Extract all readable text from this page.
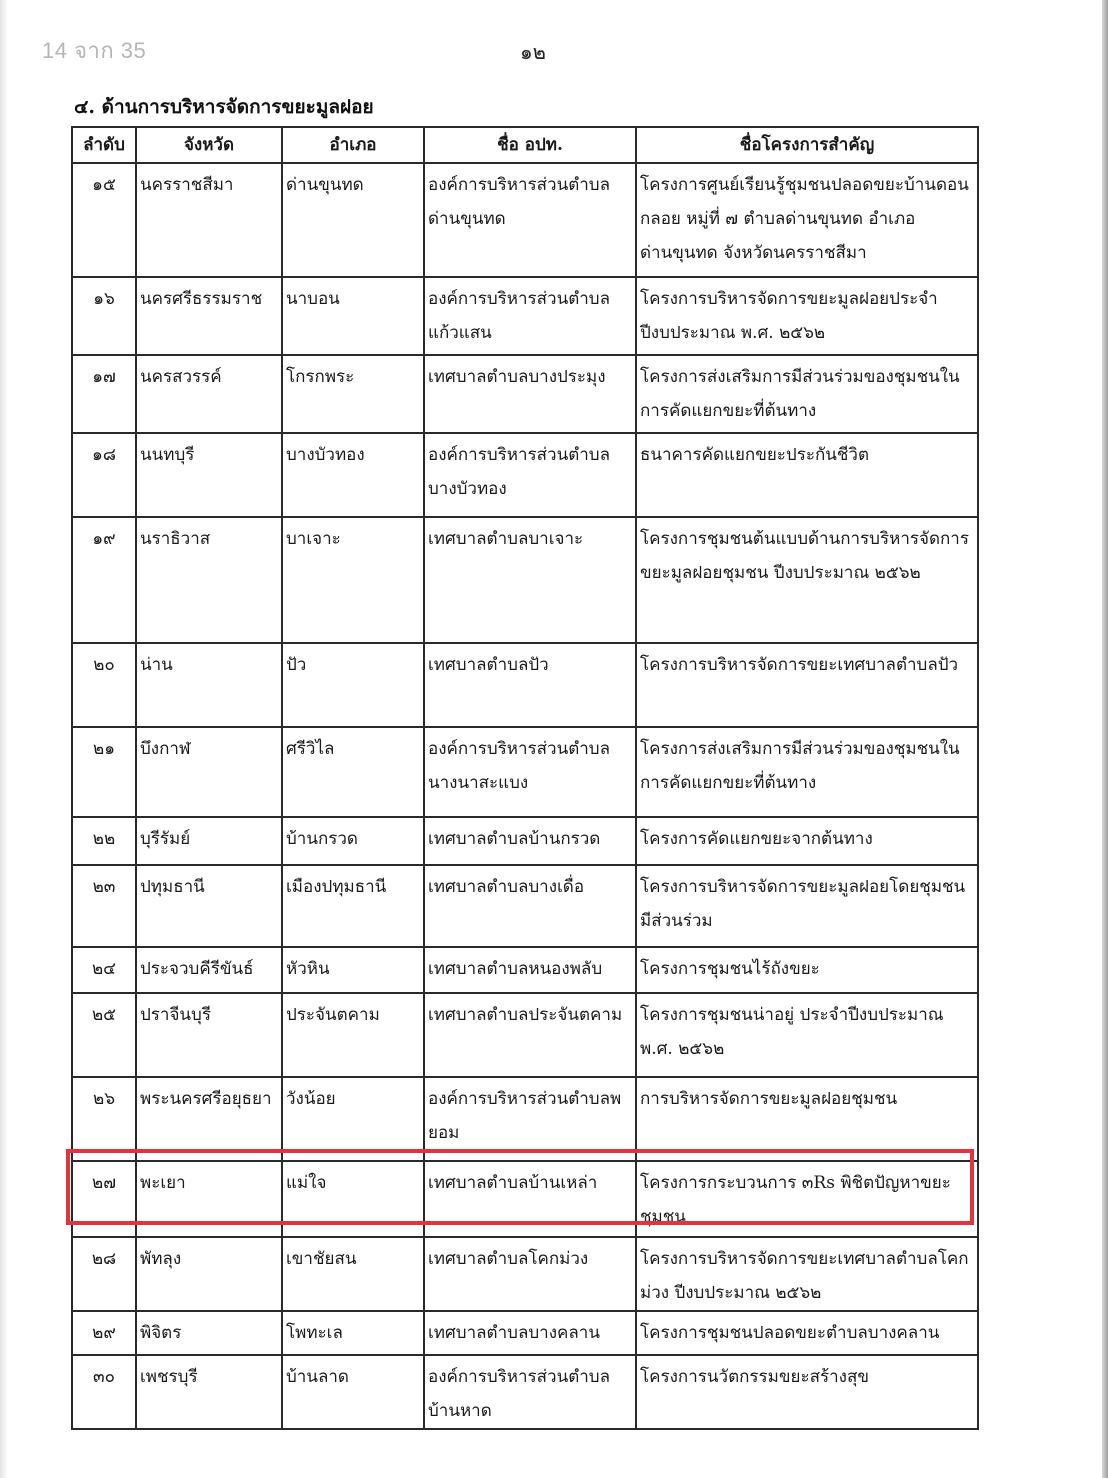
14 จาก 35	๑๒
๔. ด้านการบริหารจัดการขยะมูลฝอย
ลำดับ	จังหวัด	อำเภอ	ชื่อ อปท.	ชื่อโครงการสำคัญ
๑๕	นครราชสีมา	ด่านขุนทด	องค์การบริหารส่วนตำบลด่านขุนทด	โครงการศูนย์เรียนรู้ชุมชนปลอดขยะบ้านดอนกลอย หมู่ที่ ๗ ตำบลด่านขุนทด อำเภอด่านขุนทด จังหวัดนครราชสีมา
๑๖	นครศรีธรรมราช	นาบอน	องค์การบริหารส่วนตำบลแก้วแสน	โครงการบริหารจัดการขยะมูลฝอยประจำปีงบประมาณ พ.ศ. ๒๕๖๒
๑๗	นครสวรรค์	โกรกพระ	เทศบาลตำบลบางประมุง	โครงการส่งเสริมการมีส่วนร่วมของชุมชนในการคัดแยกขยะที่ต้นทาง
๑๘	นนทบุรี	บางบัวทอง	องค์การบริหารส่วนตำบลบางบัวทอง	ธนาคารคัดแยกขยะประกันชีวิต
๑๙	นราธิวาส	บาเจาะ	เทศบาลตำบลบาเจาะ	โครงการชุมชนต้นแบบด้านการบริหารจัดการขยะมูลฝอยชุมชน ปีงบประมาณ ๒๕๖๒
๒๐	น่าน	ปัว	เทศบาลตำบลปัว	โครงการบริหารจัดการขยะเทศบาลตำบลปัว
๒๑	บึงกาฬ	ศรีวิไล	องค์การบริหารส่วนตำบลนางนาสะแบง	โครงการส่งเสริมการมีส่วนร่วมของชุมชนในการคัดแยกขยะที่ต้นทาง
๒๒	บุรีรัมย์	บ้านกรวด	เทศบาลตำบลบ้านกรวด	โครงการคัดแยกขยะจากต้นทาง
๒๓	ปทุมธานี	เมืองปทุมธานี	เทศบาลตำบลบางเดื่อ	โครงการบริหารจัดการขยะมูลฝอยโดยชุมชนมีส่วนร่วม
๒๔	ประจวบคีรีขันธ์	หัวหิน	เทศบาลตำบลหนองพลับ	โครงการชุมชนไร้ถังขยะ
๒๕	ปราจีนบุรี	ประจันตคาม	เทศบาลตำบลประจันตคาม	โครงการชุมชนน่าอยู่ ประจำปีงบประมาณ พ.ศ. ๒๕๖๒
๒๖	พระนครศรีอยุธยา	วังน้อย	องค์การบริหารส่วนตำบลพยอม	การบริหารจัดการขยะมูลฝอยชุมชน
๒๗	พะเยา	แม่ใจ	เทศบาลตำบลบ้านเหล่า	โครงการกระบวนการ ๓Rs พิชิตปัญหาขยะชุมชน
๒๘	พัทลุง	เขาชัยสน	เทศบาลตำบลโคกม่วง	โครงการบริหารจัดการขยะเทศบาลตำบลโคกม่วง ปีงบประมาณ ๒๕๖๒
๒๙	พิจิตร	โพทะเล	เทศบาลตำบลบางคลาน	โครงการชุมชนปลอดขยะตำบลบางคลาน
๓๐	เพชรบุรี	บ้านลาด	องค์การบริหารส่วนตำบลบ้านหาด	โครงการนวัตกรรมขยะสร้างสุข
